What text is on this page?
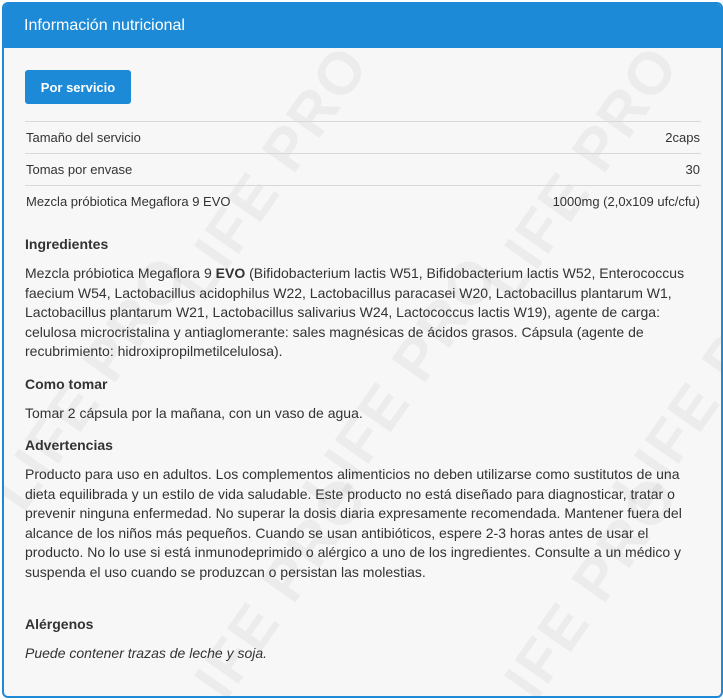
Información nutricional
Por servicio
Tamaño del servicio	2caps
Tomas por envase	30
Mezcla próbiotica Megaflora 9 EVO	1000mg (2,0x109 ufc/cfu)
Ingredientes
Mezcla próbiotica Megaflora 9 EVO (Bifidobacterium lactis W51, Bifidobacterium lactis W52, Enterococcus faecium W54, Lactobacillus acidophilus W22, Lactobacillus paracasei W20, Lactobacillus plantarum W1, Lactobacillus plantarum W21, Lactobacillus salivarius W24, Lactococcus lactis W19), agente de carga: celulosa microcristalina y antiaglomerante: sales magnésicas de ácidos grasos. Cápsula (agente de recubrimiento: hidroxipropilmetilcelulosa).
Como tomar
Tomar 2 cápsula por la mañana, con un vaso de agua.
Advertencias
Producto para uso en adultos. Los complementos alimenticios no deben utilizarse como sustitutos de una dieta equilibrada y un estilo de vida saludable. Este producto no está diseñado para diagnosticar, tratar o prevenir ninguna enfermedad. No superar la dosis diaria expresamente recomendada. Mantener fuera del alcance de los niños más pequeños. Cuando se usan antibióticos, espere 2-3 horas antes de usar el producto. No lo use si está inmunodeprimido o alérgico a uno de los ingredientes. Consulte a un médico y suspenda el uso cuando se produzcan o persistan las molestias.
Alérgenos
Puede contener trazas de leche y soja.
